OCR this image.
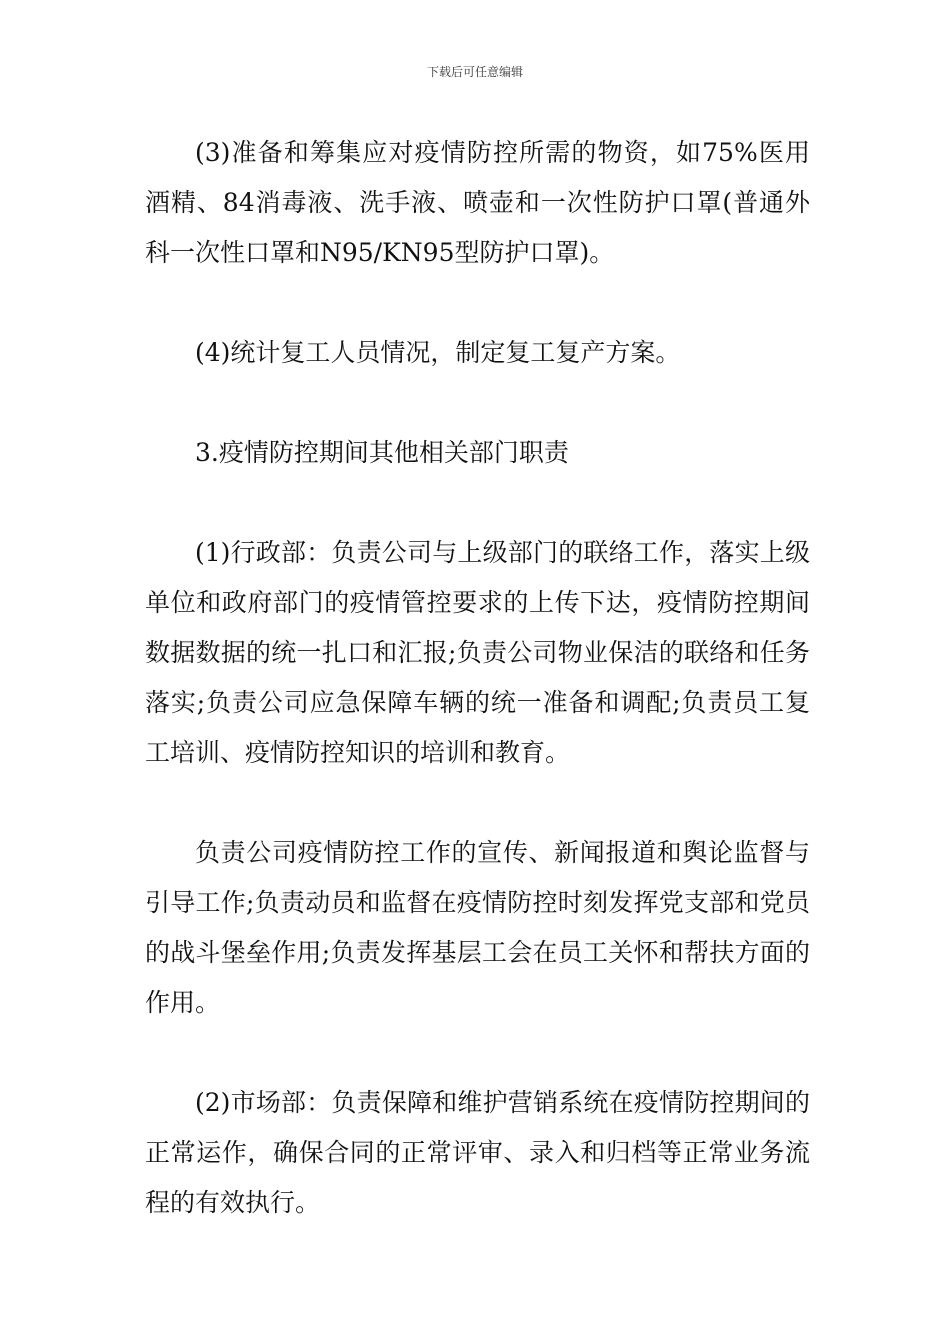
下载后可任意编辑

(3)准备和筹集应对疫情防控所需的物资，如75%医用酒精、84消毒液、洗手液、喷壶和一次性防护口罩(普通外科一次性口罩和N95/KN95型防护口罩)。

(4)统计复工人员情况，制定复工复产方案。

3.疫情防控期间其他相关部门职责

(1)行政部：负责公司与上级部门的联络工作，落实上级单位和政府部门的疫情管控要求的上传下达，疫情防控期间数据数据的统一扎口和汇报;负责公司物业保洁的联络和任务落实;负责公司应急保障车辆的统一准备和调配;负责员工复工培训、疫情防控知识的培训和教育。

负责公司疫情防控工作的宣传、新闻报道和舆论监督与引导工作;负责动员和监督在疫情防控时刻发挥党支部和党员的战斗堡垒作用;负责发挥基层工会在员工关怀和帮扶方面的作用。

(2)市场部：负责保障和维护营销系统在疫情防控期间的正常运作，确保合同的正常评审、录入和归档等正常业务流程的有效执行。
